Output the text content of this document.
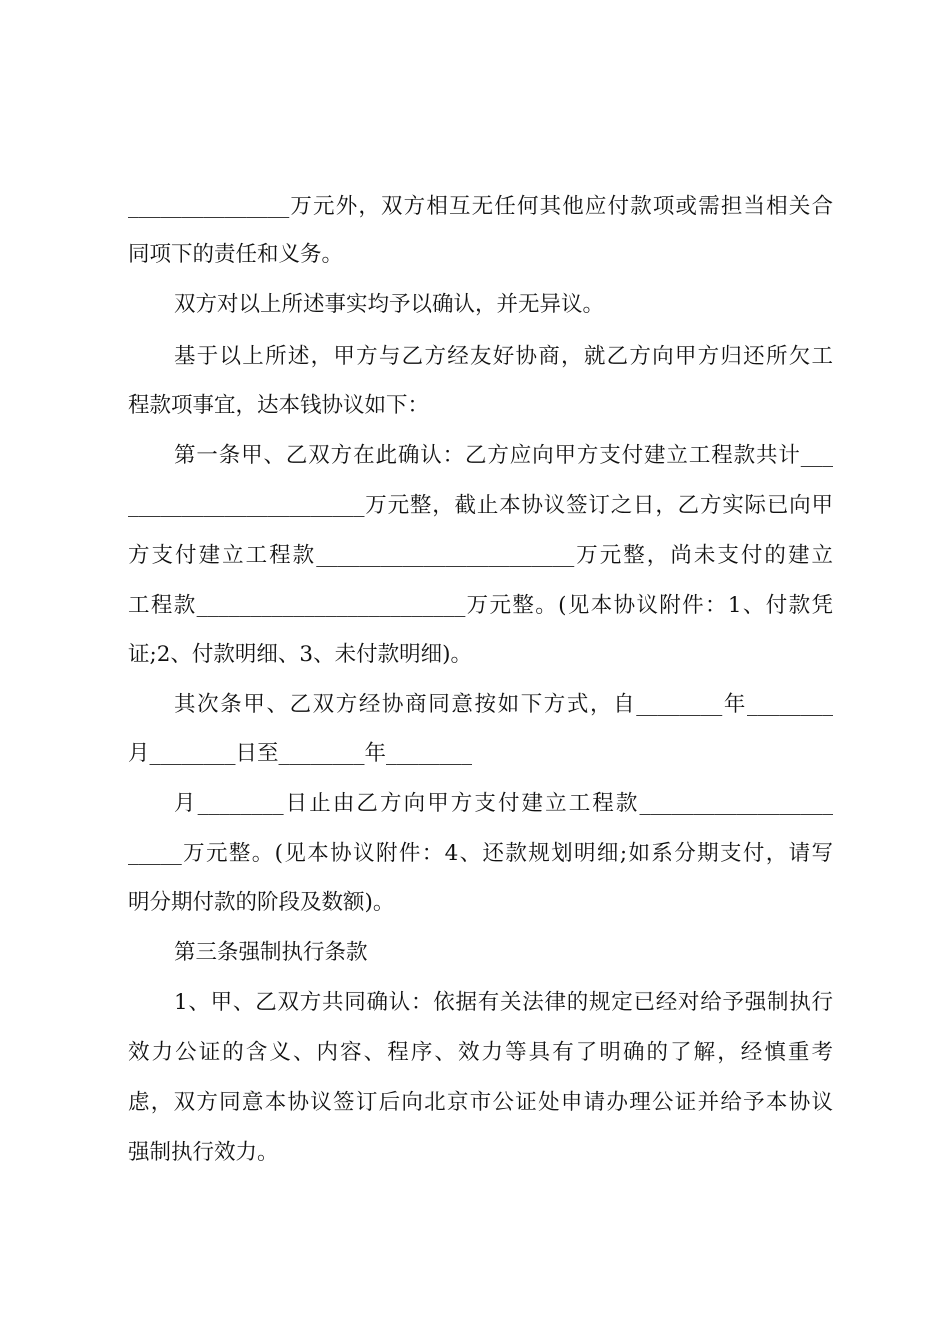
_______________万元外，双方相互无任何其他应付款项或需担当相关合
同项下的责任和义务。
双方对以上所述事实均予以确认，并无异议。
基于以上所述，甲方与乙方经友好协商，就乙方向甲方归还所欠工
程款项事宜，达本钱协议如下：
第一条甲、乙双方在此确认：乙方应向甲方支付建立工程款共计___
______________________万元整，截止本协议签订之日，乙方实际已向甲
方支付建立工程款________________________万元整，尚未支付的建立
工程款_________________________万元整。(见本协议附件：1、付款凭
证;2、付款明细、3、未付款明细)。
其次条甲、乙双方经协商同意按如下方式，自________年________
月________日至________年________
月________日止由乙方向甲方支付建立工程款__________________
_____万元整。(见本协议附件：4、还款规划明细;如系分期支付，请写
明分期付款的阶段及数额)。
第三条强制执行条款
1、甲、乙双方共同确认：依据有关法律的规定已经对给予强制执行
效力公证的含义、内容、程序、效力等具有了明确的了解，经慎重考
虑，双方同意本协议签订后向北京市公证处申请办理公证并给予本协议
强制执行效力。
